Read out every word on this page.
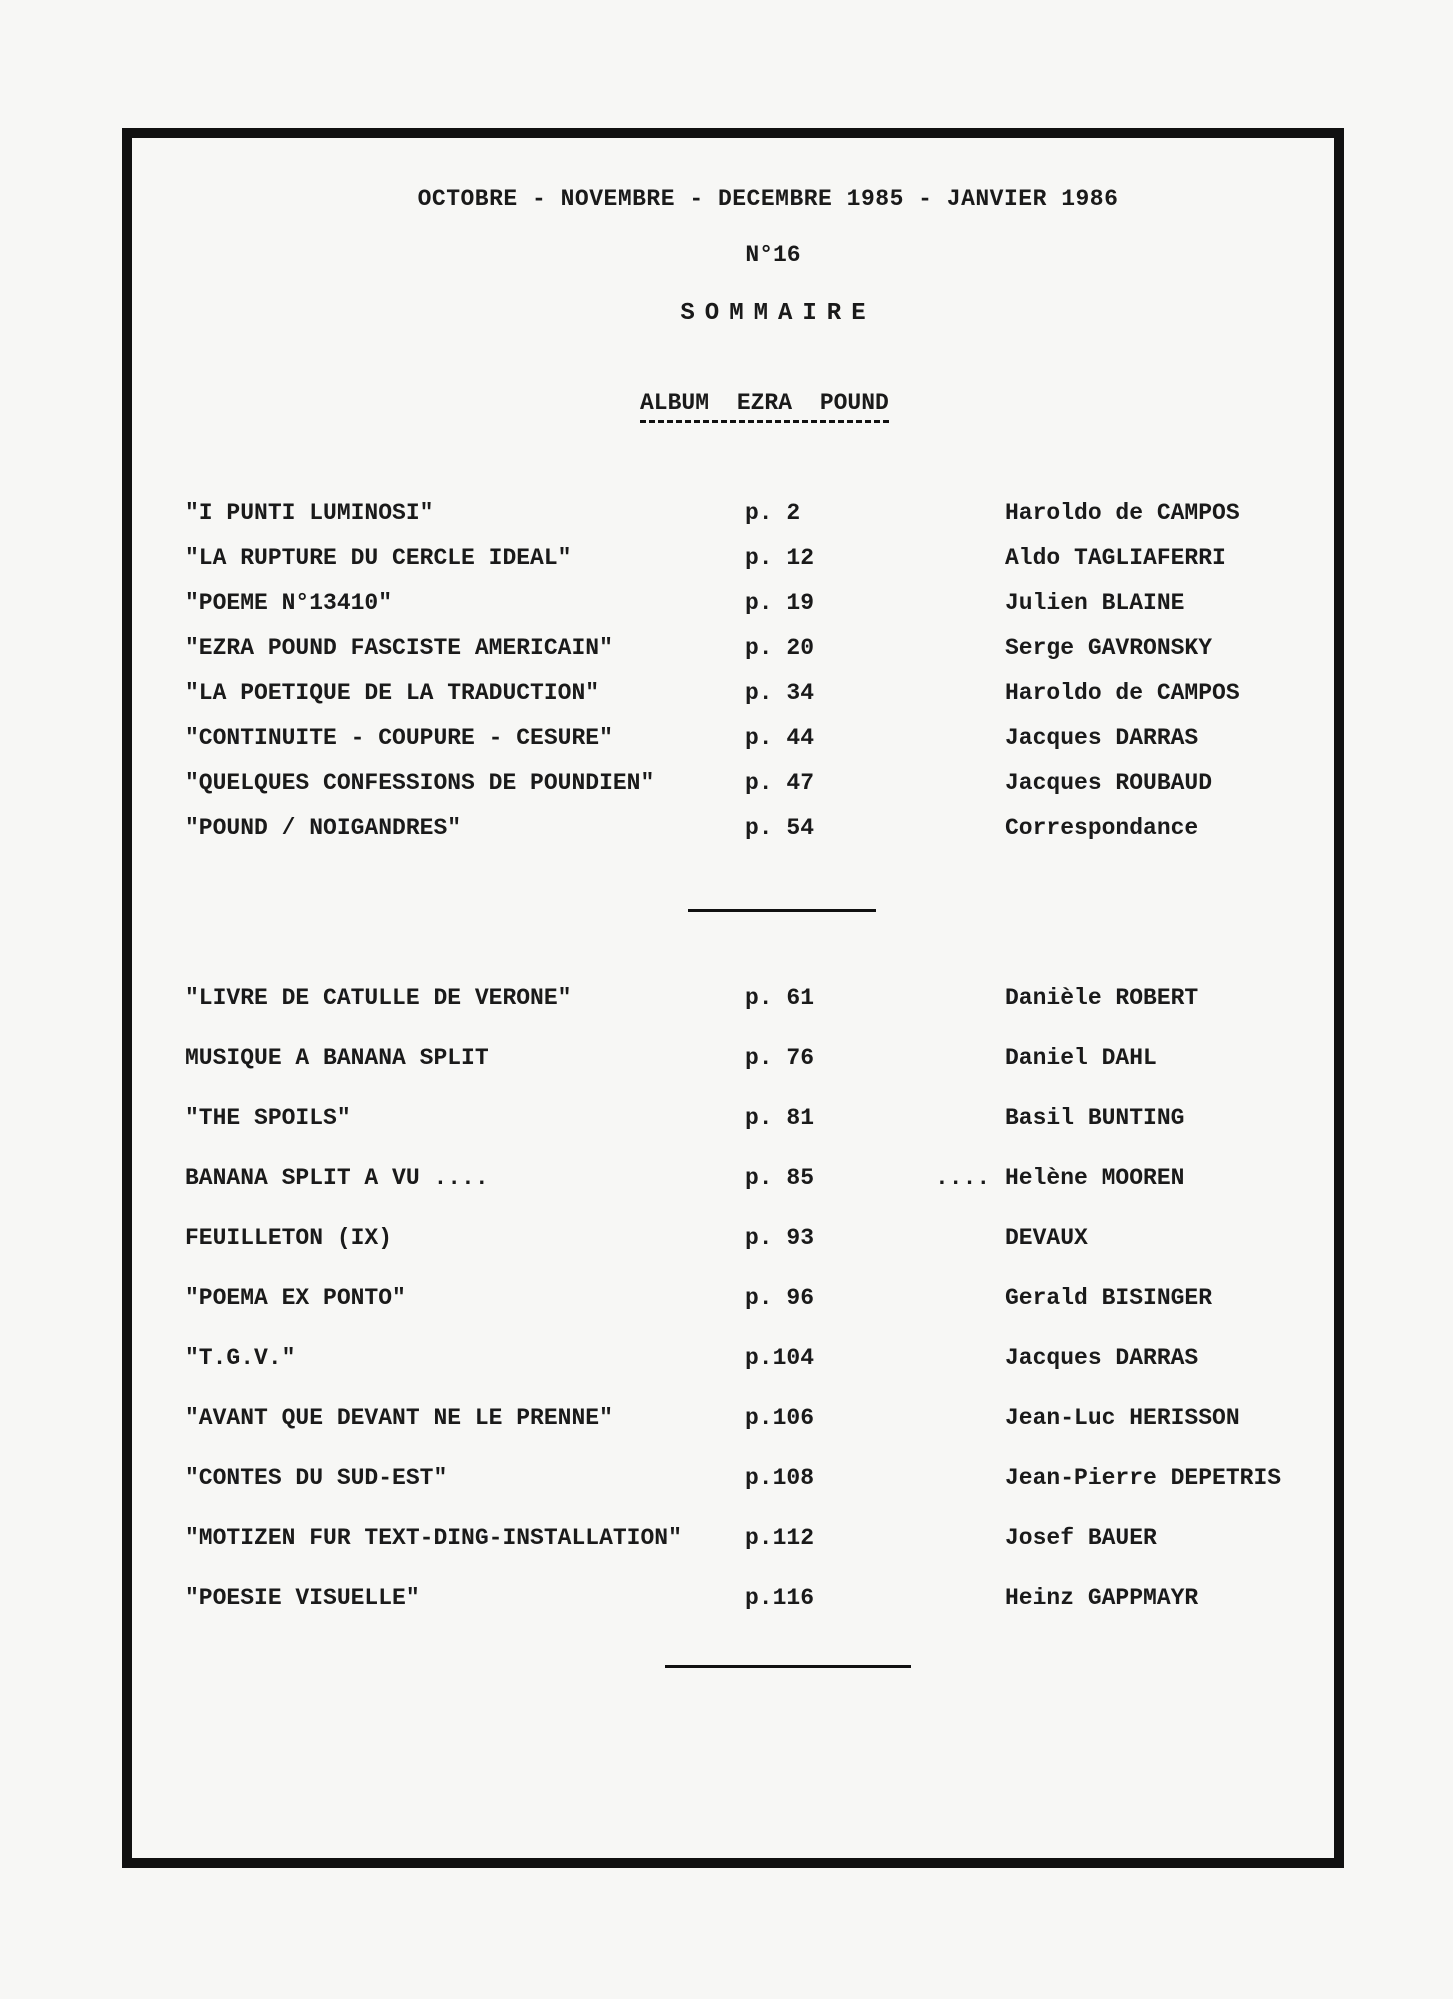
OCTOBRE - NOVEMBRE - DECEMBRE 1985 - JANVIER 1986
N°16
SOMMAIRE
ALBUM EZRA POUND
"I PUNTI LUMINOSI"	p. 2	Haroldo de CAMPOS
"LA RUPTURE DU CERCLE IDEAL"	p. 12	Aldo TAGLIAFERRI
"POEME N°13410"	p. 19	Julien BLAINE
"EZRA POUND FASCISTE AMERICAIN"	p. 20	Serge GAVRONSKY
"LA POETIQUE DE LA TRADUCTION"	p. 34	Haroldo de CAMPOS
"CONTINUITE - COUPURE - CESURE"	p. 44	Jacques DARRAS
"QUELQUES CONFESSIONS DE POUNDIEN"	p. 47	Jacques ROUBAUD
"POUND / NOIGANDRES"	p. 54	Correspondance
"LIVRE DE CATULLE DE VERONE"	p. 61	Danièle ROBERT
MUSIQUE A BANANA SPLIT	p. 76	Daniel DAHL
"THE SPOILS"	p. 81	Basil BUNTING
BANANA SPLIT A VU ....	p. 85	.... Helène MOOREN
FEUILLETON (IX)	p. 93	DEVAUX
"POEMA EX PONTO"	p. 96	Gerald BISINGER
"T.G.V."	p.104	Jacques DARRAS
"AVANT QUE DEVANT NE LE PRENNE"	p.106	Jean-Luc HERISSON
"CONTES DU SUD-EST"	p.108	Jean-Pierre DEPETRIS
"MOTIZEN FUR TEXT-DING-INSTALLATION"	p.112	Josef BAUER
"POESIE VISUELLE"	p.116	Heinz GAPPMAYR
